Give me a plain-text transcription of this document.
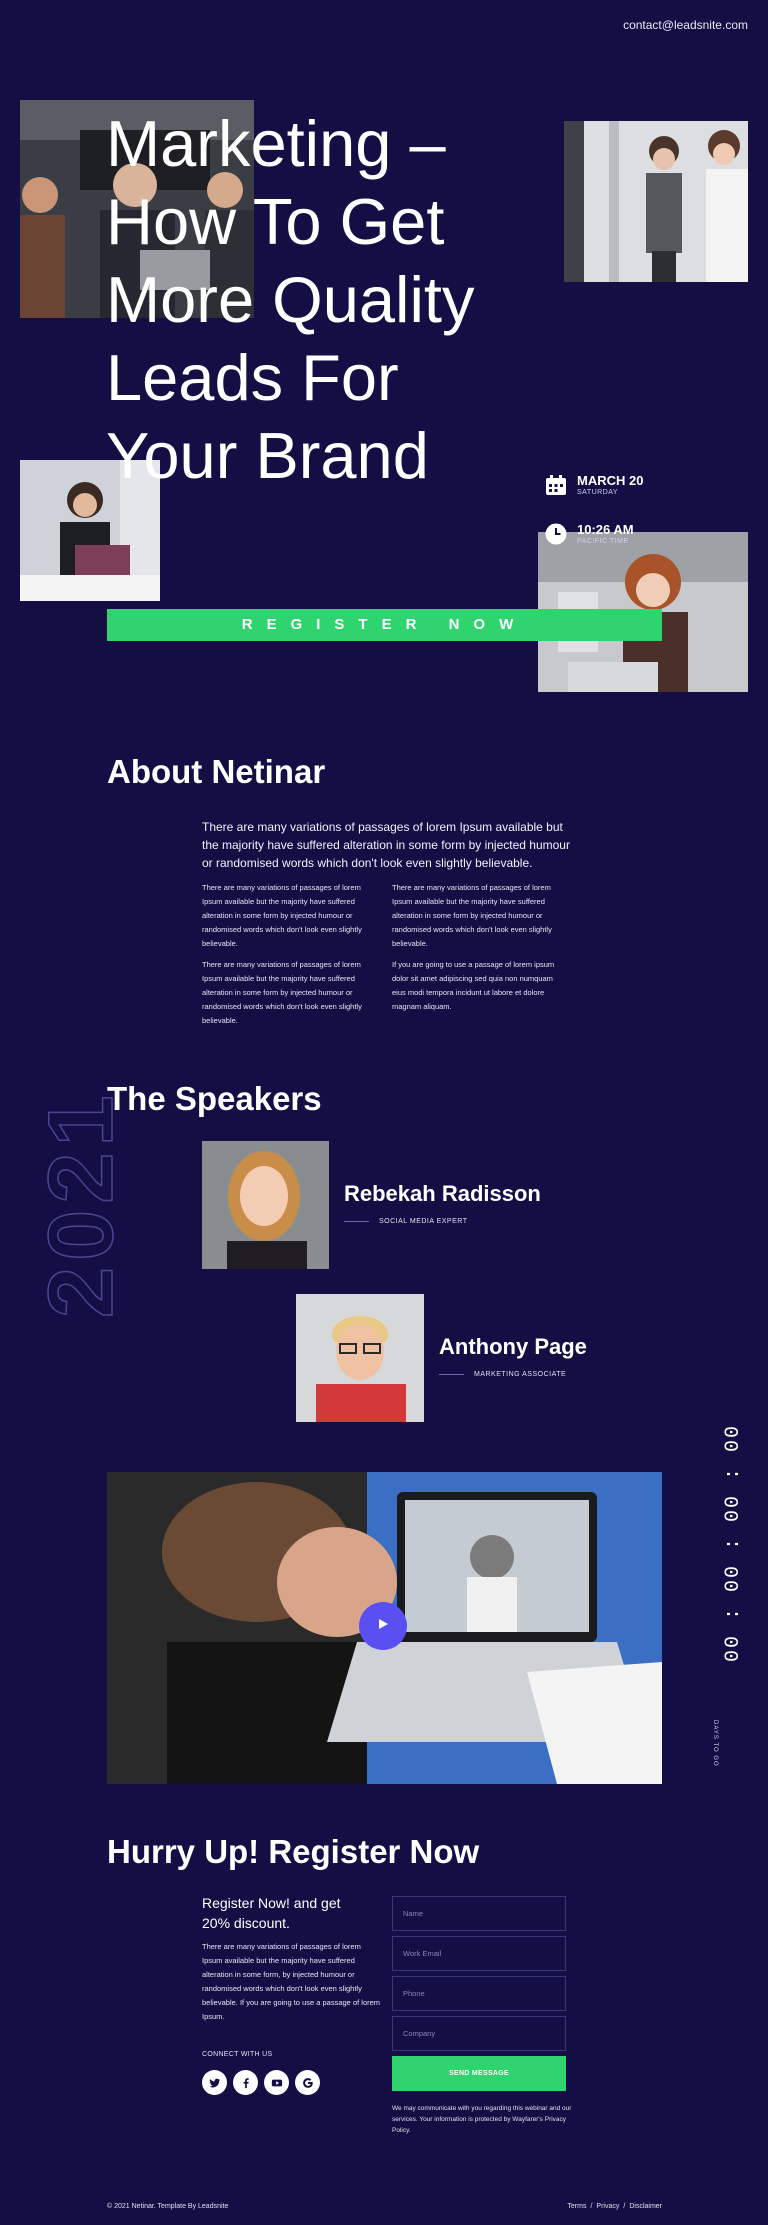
contact@leadsnite.com
Marketing – How To Get More Quality Leads For Your Brand	MARCH 20
SATURDAY
10:26 AM
PACIFIC TIME
REGISTER NOW
About Netinar

There are many variations of passages of lorem Ipsum available but the majority have suffered alteration in some form by injected humour or randomised words which don't look even slightly believable.

There are many variations of passages of lorem Ipsum available but the majority have suffered alteration in some form by injected humour or randomised words which don't look even slightly believable.

There are many variations of passages of lorem Ipsum available but the majority have suffered alteration in some form by injected humour or randomised words which don't look even slightly believable.

There are many variations of passages of lorem Ipsum available but the majority have suffered alteration in some form by injected humour or randomised words which don't look even slightly believable.

If you are going to use a passage of lorem ipsum dolor sit amet adipiscing sed quia non numquam eius modi tempora incidunt ut labore et dolore magnam aliquam.

2021
The Speakers
Rebekah Radisson
SOCIAL MEDIA EXPERT
Anthony Page
MARKETING ASSOCIATE
00 : 00 : 00 : 00
DAYS TO GO
Hurry Up! Register Now

Register Now! and get 20% discount.

There are many variations of passages of lorem Ipsum available but the majority have suffered alteration in some form, by injected humour or randomised words which don't look even slightly believable. If you are going to use a passage of lorem Ipsum.

CONNECT WITH US
Name
Work Email
Phone
Company
SEND MESSAGE

We may communicate with you regarding this webinar and our services. Your information is protected by Wayfarer's Privacy Policy.

© 2021 Netinar. Template By Leadsnite	Terms / Privacy / Disclaimer
